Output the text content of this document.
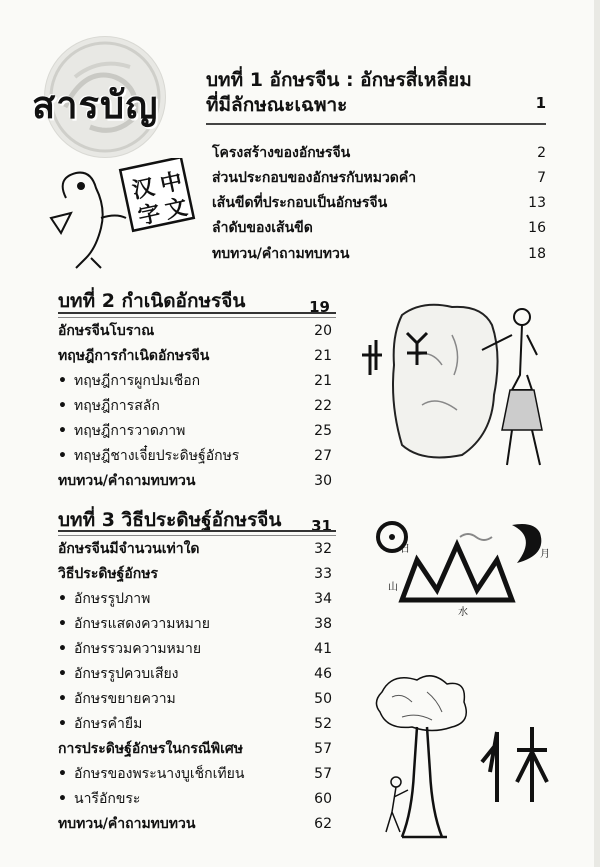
สารบัญ
汉 中
字 文
บทที่ 1 อักษรจีน : อักษรสี่เหลี่ยม
ที่มีลักษณะเฉพาะ	1
โครงสร้างของอักษรจีน	2
ส่วนประกอบของอักษรกับหมวดคำ	7
เส้นขีดที่ประกอบเป็นอักษรจีน	13
ลำดับของเส้นขีด	16
ทบทวน/คำถามทบทวน	18
บทที่ 2 กำเนิดอักษรจีน	19
อักษรจีนโบราณ	20
ทฤษฎีการกำเนิดอักษรจีน	21
• ทฤษฎีการผูกปมเชือก	21
• ทฤษฎีการสลัก	22
• ทฤษฎีการวาดภาพ	25
• ทฤษฎีชางเจี๋ยประดิษฐ์อักษร	27
ทบทวน/คำถามทบทวน	30
บทที่ 3 วิธีประดิษฐ์อักษรจีน 31
อักษรจีนมีจำนวนเท่าใด	32
วิธีประดิษฐ์อักษร	33
• อักษรรูปภาพ	34
• อักษรแสดงความหมาย	38
• อักษรรวมความหมาย	41
• อักษรรูปควบเสียง	46
• อักษรขยายความ	50
• อักษรคำยืม	52
การประดิษฐ์อักษรในกรณีพิเศษ	57
• อักษรของพระนางบูเช็กเทียน	57
• นารีอักขระ	60
ทบทวน/คำถามทบทวน	62
日	月
山
水
